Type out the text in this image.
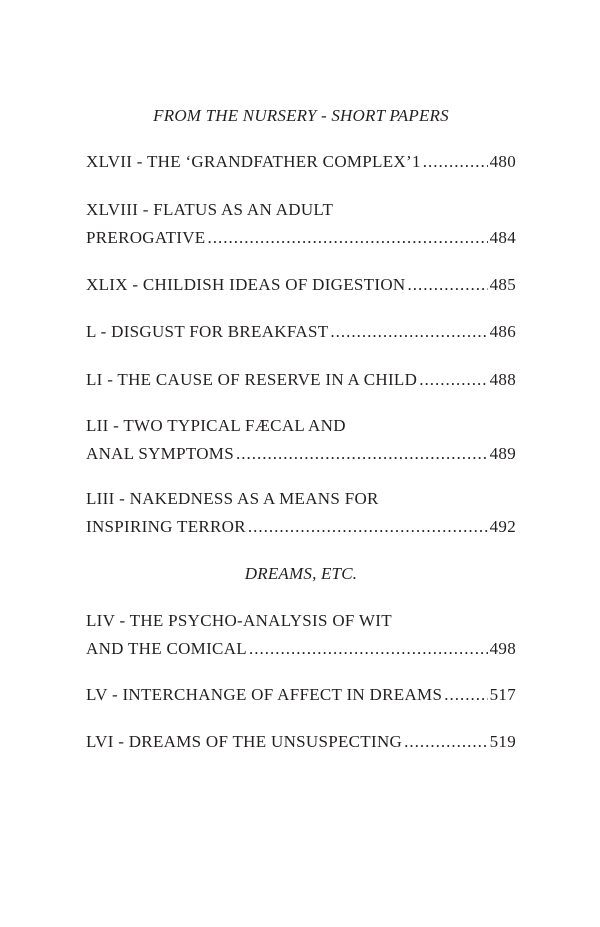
FROM THE NURSERY - SHORT PAPERS
XLVII - THE ‘GRANDFATHER COMPLEX’1 .....	480
XLVIII - FLATUS AS AN ADULT
PREROGATIVE .....	484
XLIX - CHILDISH IDEAS OF DIGESTION .....	485
L - DISGUST FOR BREAKFAST .....	486
LI - THE CAUSE OF RESERVE IN A CHILD .....	488
LII - TWO TYPICAL FÆCAL AND
ANAL SYMPTOMS .....	489
LIII - NAKEDNESS AS A MEANS FOR
INSPIRING TERROR .....	492
DREAMS, ETC.
LIV - THE PSYCHO-ANALYSIS OF WIT
AND THE COMICAL .....	498
LV - INTERCHANGE OF AFFECT IN DREAMS .....	517
LVI - DREAMS OF THE UNSUSPECTING .....	519
